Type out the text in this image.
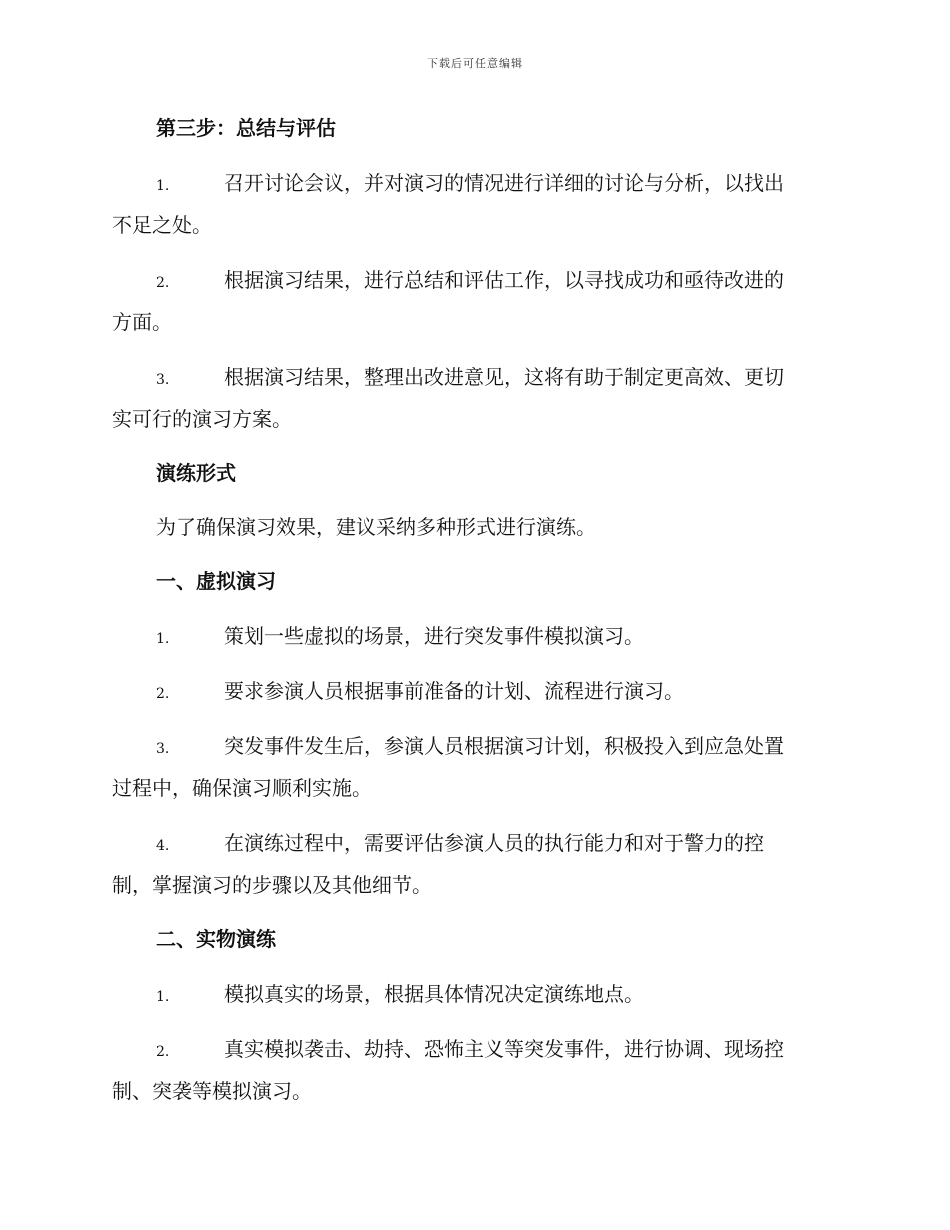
下载后可任意编辑
第三步：总结与评估
1.	召开讨论会议，并对演习的情况进行详细的讨论与分析，以找出
不足之处。
2.	根据演习结果，进行总结和评估工作，以寻找成功和亟待改进的
方面。
3.	根据演习结果，整理出改进意见，这将有助于制定更高效、更切
实可行的演习方案。
演练形式
为了确保演习效果，建议采纳多种形式进行演练。
一、虚拟演习
1.	策划一些虚拟的场景，进行突发事件模拟演习。
2.	要求参演人员根据事前准备的计划、流程进行演习。
3.	突发事件发生后，参演人员根据演习计划，积极投入到应急处置
过程中，确保演习顺利实施。
4.	在演练过程中，需要评估参演人员的执行能力和对于警力的控
制，掌握演习的步骤以及其他细节。
二、实物演练
1.	模拟真实的场景，根据具体情况决定演练地点。
2.	真实模拟袭击、劫持、恐怖主义等突发事件，进行协调、现场控
制、突袭等模拟演习。
